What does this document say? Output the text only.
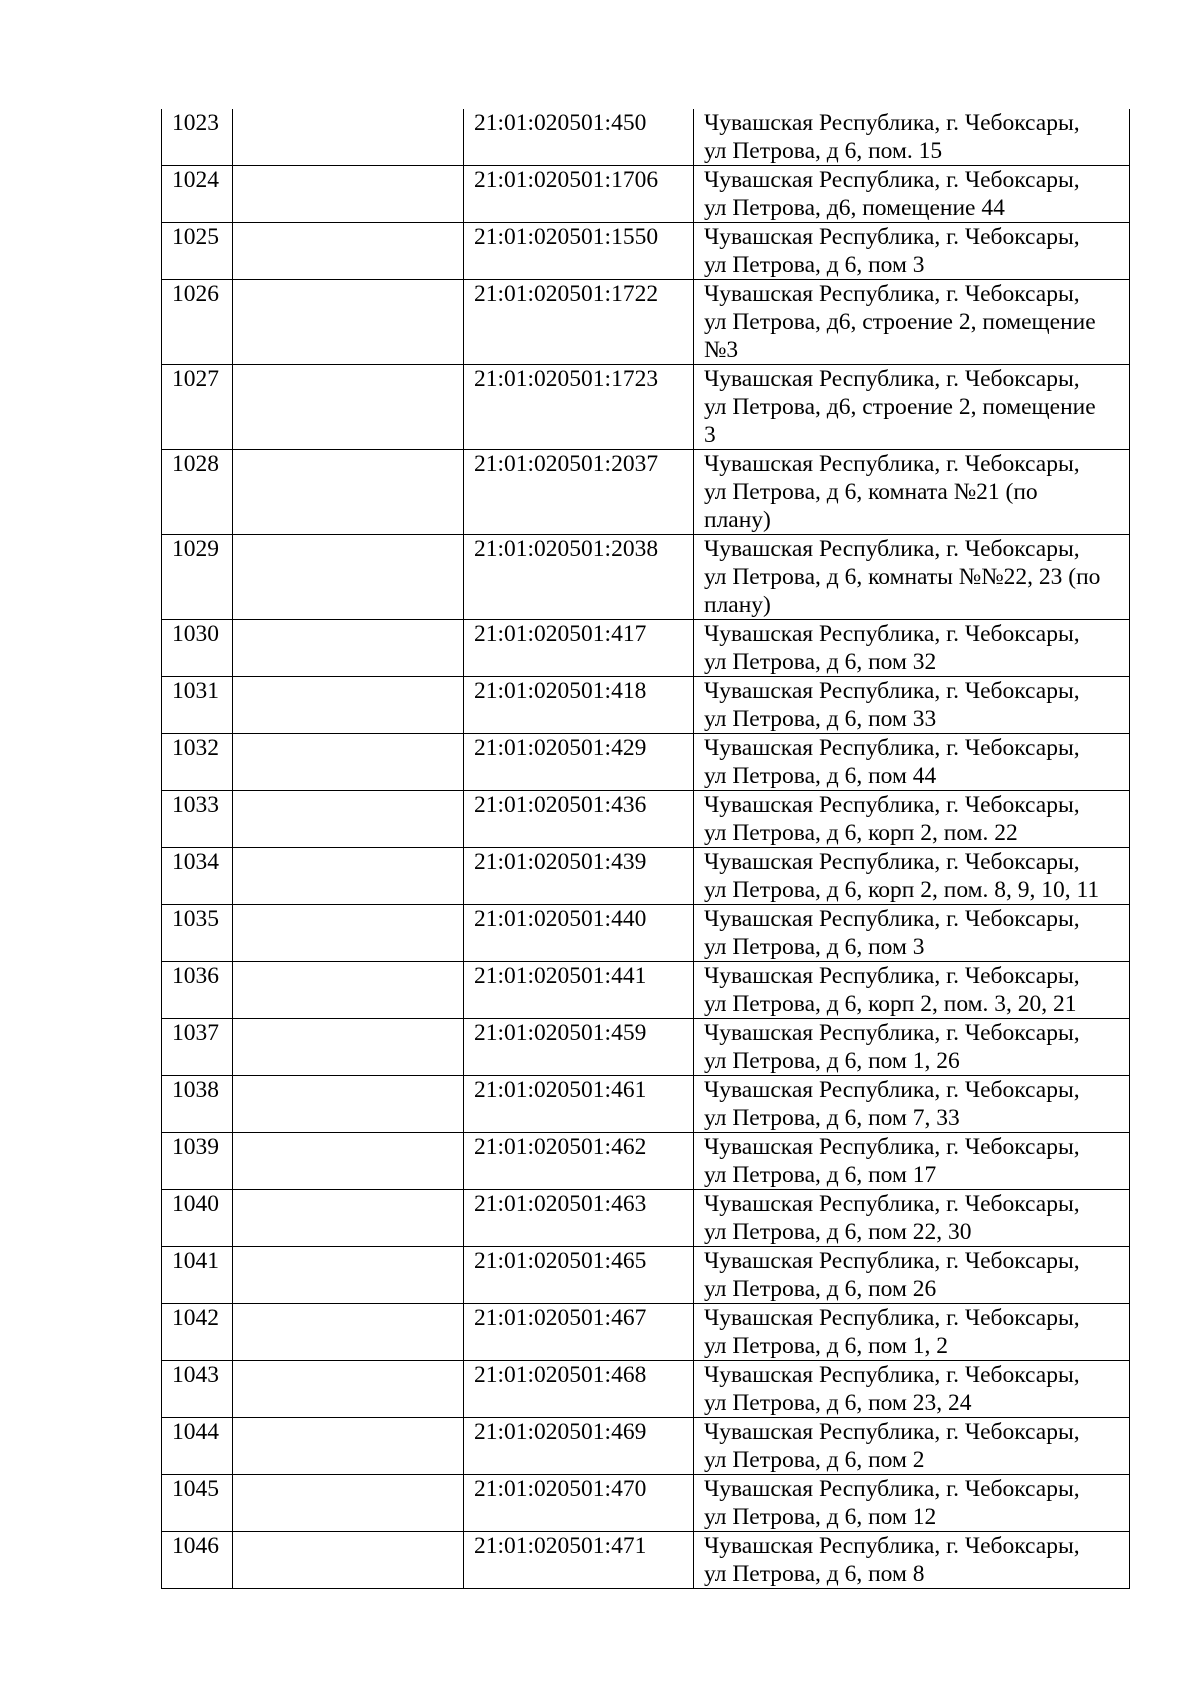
1023		21:01:020501:450	Чувашская Республика, г. Чебоксары,
ул Петрова, д 6, пом. 15

1024		21:01:020501:1706	Чувашская Республика, г. Чебоксары,
ул Петрова, д6, помещение 44

1025		21:01:020501:1550	Чувашская Республика, г. Чебоксары,
ул Петрова, д 6, пом 3

1026		21:01:020501:1722	Чувашская Республика, г. Чебоксары,
ул Петрова, д6, строение 2, помещение
№3

1027		21:01:020501:1723	Чувашская Республика, г. Чебоксары,
ул Петрова, д6, строение 2, помещение
3

1028		21:01:020501:2037	Чувашская Республика, г. Чебоксары,
ул Петрова, д 6, комната №21 (по
плану)

1029		21:01:020501:2038	Чувашская Республика, г. Чебоксары,
ул Петрова, д 6, комнаты №№22, 23 (по
плану)

1030		21:01:020501:417	Чувашская Республика, г. Чебоксары,
ул Петрова, д 6, пом 32

1031		21:01:020501:418	Чувашская Республика, г. Чебоксары,
ул Петрова, д 6, пом 33

1032		21:01:020501:429	Чувашская Республика, г. Чебоксары,
ул Петрова, д 6, пом 44

1033		21:01:020501:436	Чувашская Республика, г. Чебоксары,
ул Петрова, д 6, корп 2, пом. 22

1034		21:01:020501:439	Чувашская Республика, г. Чебоксары,
ул Петрова, д 6, корп 2, пом. 8, 9, 10, 11

1035		21:01:020501:440	Чувашская Республика, г. Чебоксары,
ул Петрова, д 6, пом 3

1036		21:01:020501:441	Чувашская Республика, г. Чебоксары,
ул Петрова, д 6, корп 2, пом. 3, 20, 21

1037		21:01:020501:459	Чувашская Республика, г. Чебоксары,
ул Петрова, д 6, пом 1, 26

1038		21:01:020501:461	Чувашская Республика, г. Чебоксары,
ул Петрова, д 6, пом 7, 33

1039		21:01:020501:462	Чувашская Республика, г. Чебоксары,
ул Петрова, д 6, пом 17

1040		21:01:020501:463	Чувашская Республика, г. Чебоксары,
ул Петрова, д 6, пом 22, 30

1041		21:01:020501:465	Чувашская Республика, г. Чебоксары,
ул Петрова, д 6, пом 26

1042		21:01:020501:467	Чувашская Республика, г. Чебоксары,
ул Петрова, д 6, пом 1, 2

1043		21:01:020501:468	Чувашская Республика, г. Чебоксары,
ул Петрова, д 6, пом 23, 24

1044		21:01:020501:469	Чувашская Республика, г. Чебоксары,
ул Петрова, д 6, пом 2

1045		21:01:020501:470	Чувашская Республика, г. Чебоксары,
ул Петрова, д 6, пом 12

1046		21:01:020501:471	Чувашская Республика, г. Чебоксары,
ул Петрова, д 6, пом 8
